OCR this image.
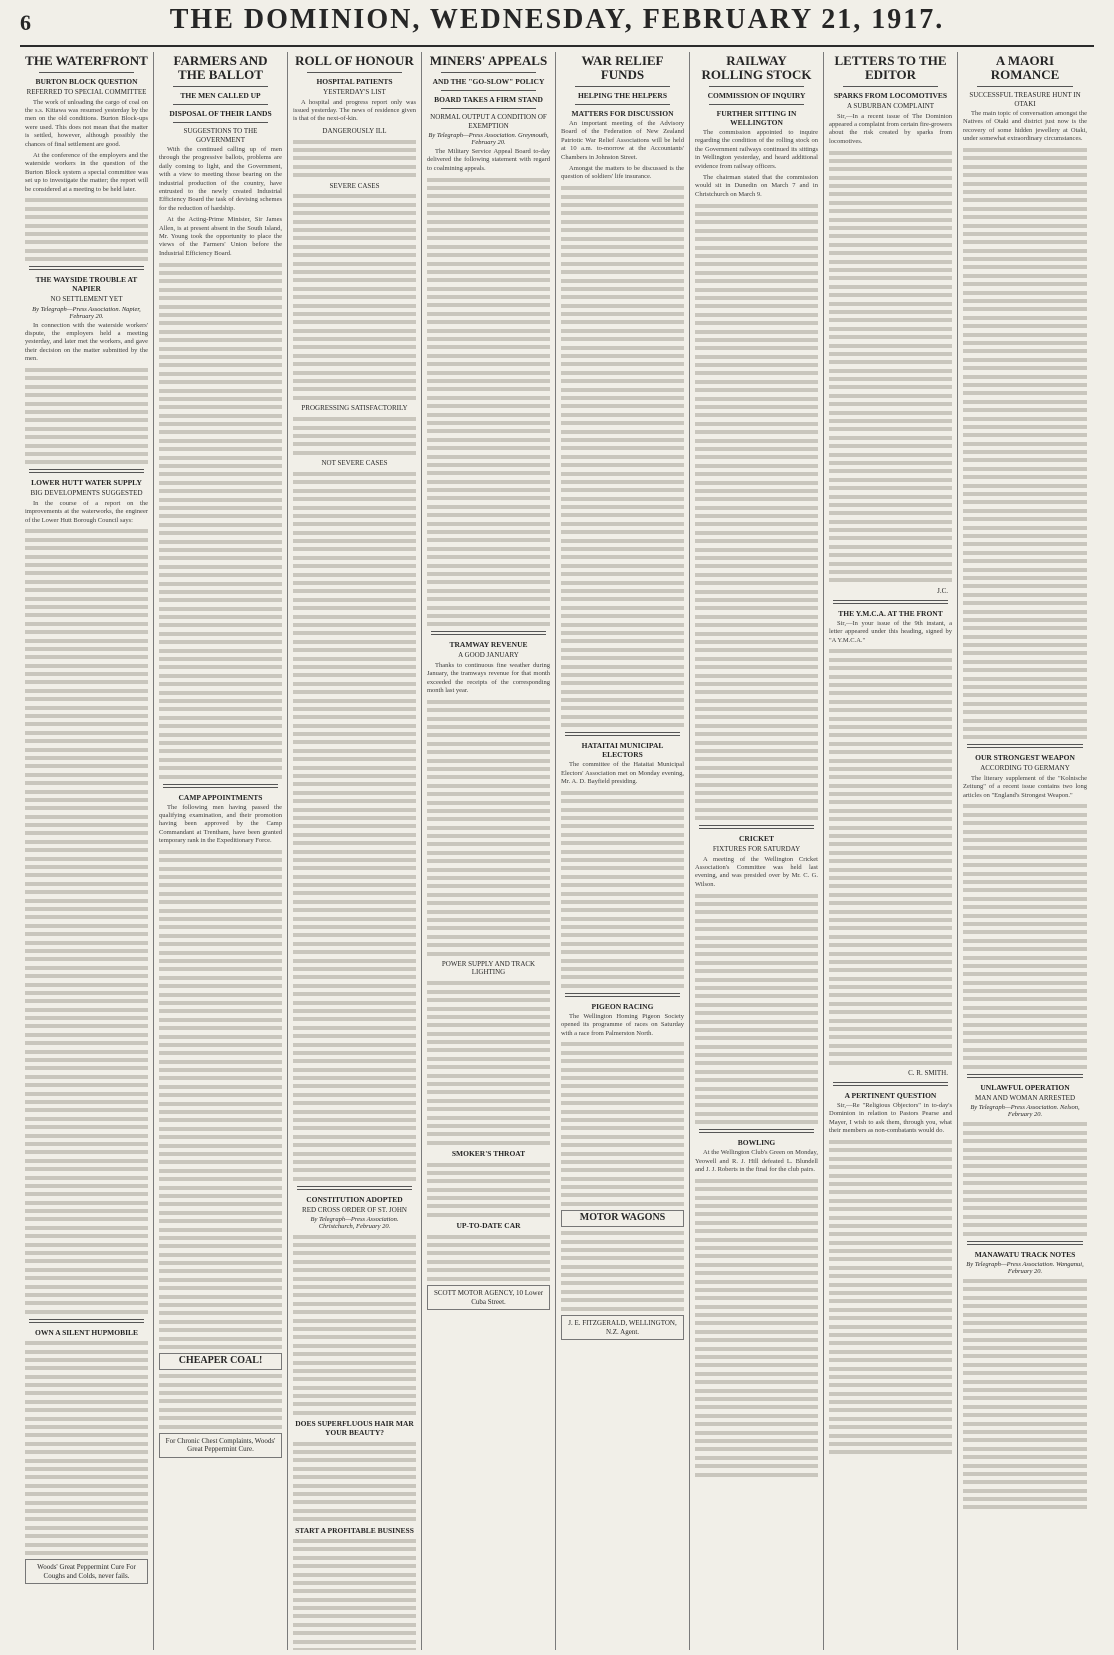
6	THE DOMINION, WEDNESDAY, FEBRUARY 21, 1917.
THE WATERFRONT
BURTON BLOCK QUESTION
REFERRED TO SPECIAL COMMITTEE

The work of unloading the cargo of coal on the s.s. Kittawa was resumed yesterday by the men on the old conditions. Burton Block-ups were used. This does not mean that the matter is settled, however, although possibly the chances of final settlement are good.

At the conference of the employers and the waterside workers in the question of the Burton Block system a special committee was set up to investigate the matter; the report will be considered at a meeting to be held later.

THE WAYSIDE TROUBLE AT NAPIER
NO SETTLEMENT YET
By Telegraph—Press Association. Napier, February 20.

In connection with the waterside workers' dispute, the employers held a meeting yesterday, and later met the workers, and gave their decision on the matter submitted by the men.

LOWER HUTT WATER SUPPLY
BIG DEVELOPMENTS SUGGESTED

In the course of a report on the improvements at the waterworks, the engineer of the Lower Hutt Borough Council says:

OWN A SILENT HUPMOBILE
Woods' Great Peppermint Cure For Coughs and Colds, never fails.
FARMERS AND THE BALLOT
THE MEN CALLED UP
DISPOSAL OF THEIR LANDS
SUGGESTIONS TO THE GOVERNMENT

With the continued calling up of men through the progressive ballots, problems are daily coming to light, and the Government, with a view to meeting those bearing on the industrial production of the country, have entrusted to the newly created Industrial Efficiency Board the task of devising schemes for the reduction of hardship.

At the Acting-Prime Minister, Sir James Allen, is at present absent in the South Island, Mr. Young took the opportunity to place the views of the Farmers' Union before the Industrial Efficiency Board.

CAMP APPOINTMENTS

The following men having passed the qualifying examination, and their promotion having been approved by the Camp Commandant at Trentham, have been granted temporary rank in the Expeditionary Force.

CHEAPER COAL!
For Chronic Chest Complaints, Woods' Great Peppermint Cure.
ROLL OF HONOUR
HOSPITAL PATIENTS
YESTERDAY'S LIST

A hospital and progress report only was issued yesterday. The news of residence given is that of the next-of-kin.

DANGEROUSLY ILL
SEVERE CASES
PROGRESSING SATISFACTORILY
NOT SEVERE CASES
CONSTITUTION ADOPTED
RED CROSS ORDER OF ST. JOHN
By Telegraph—Press Association. Christchurch, February 20.
DOES SUPERFLUOUS HAIR MAR YOUR BEAUTY?
START A PROFITABLE BUSINESS
MINERS' APPEALS
AND THE "GO-SLOW" POLICY
BOARD TAKES A FIRM STAND
NORMAL OUTPUT A CONDITION OF EXEMPTION
By Telegraph—Press Association. Greymouth, February 20.

The Military Service Appeal Board to-day delivered the following statement with regard to coalmining appeals.

TRAMWAY REVENUE
A GOOD JANUARY

Thanks to continuous fine weather during January, the tramways revenue for that month exceeded the receipts of the corresponding month last year.

POWER SUPPLY AND TRACK LIGHTING
SMOKER'S THROAT
UP-TO-DATE CAR
SCOTT MOTOR AGENCY, 10 Lower Cuba Street.
WAR RELIEF FUNDS
HELPING THE HELPERS
MATTERS FOR DISCUSSION

An important meeting of the Advisory Board of the Federation of New Zealand Patriotic War Relief Associations will be held at 10 a.m. to-morrow at the Accountants' Chambers in Johnston Street.

Amongst the matters to be discussed is the question of soldiers' life insurance.

HATAITAI MUNICIPAL ELECTORS

The committee of the Hataitai Municipal Electors' Association met on Monday evening, Mr. A. D. Bayfield presiding.

PIGEON RACING

The Wellington Homing Pigeon Society opened its programme of races on Saturday with a race from Palmerston North.

MOTOR WAGONS
J. E. FITZGERALD, WELLINGTON, N.Z. Agent.
RAILWAY ROLLING STOCK
COMMISSION OF INQUIRY
FURTHER SITTING IN WELLINGTON

The commission appointed to inquire regarding the condition of the rolling stock on the Government railways continued its sittings in Wellington yesterday, and heard additional evidence from railway officers.

The chairman stated that the commission would sit in Dunedin on March 7 and in Christchurch on March 9.

CRICKET
FIXTURES FOR SATURDAY

A meeting of the Wellington Cricket Association's Committee was held last evening, and was presided over by Mr. C. G. Wilson.

BOWLING

At the Wellington Club's Green on Monday, Yeowell and R. J. Hill defeated L. Blundell and J. J. Roberts in the final for the club pairs.

LETTERS TO THE EDITOR
SPARKS FROM LOCOMOTIVES
A SUBURBAN COMPLAINT

Sir,—In a recent issue of The Dominion appeared a complaint from certain fire-growers about the risk created by sparks from locomotives.

J.C.
THE Y.M.C.A. AT THE FRONT

Sir,—In your issue of the 9th instant, a letter appeared under this heading, signed by "A Y.M.C.A."

C. R. SMITH.
A PERTINENT QUESTION

Sir,—Re "Religious Objectors" in to-day's Dominion in relation to Pastors Pearse and Mayer, I wish to ask them, through you, what their members as non-combatants would do.

A MAORI ROMANCE
SUCCESSFUL TREASURE HUNT IN OTAKI

The main topic of conversation amongst the Natives of Otaki and district just now is the recovery of some hidden jewellery at Otaki, under somewhat extraordinary circumstances.

OUR STRONGEST WEAPON
ACCORDING TO GERMANY

The literary supplement of the "Kolnische Zeitung" of a recent issue contains two long articles on "England's Strongest Weapon."

UNLAWFUL OPERATION
MAN AND WOMAN ARRESTED
By Telegraph—Press Association. Nelson, February 20.
MANAWATU TRACK NOTES
By Telegraph—Press Association. Wanganui, February 20.
